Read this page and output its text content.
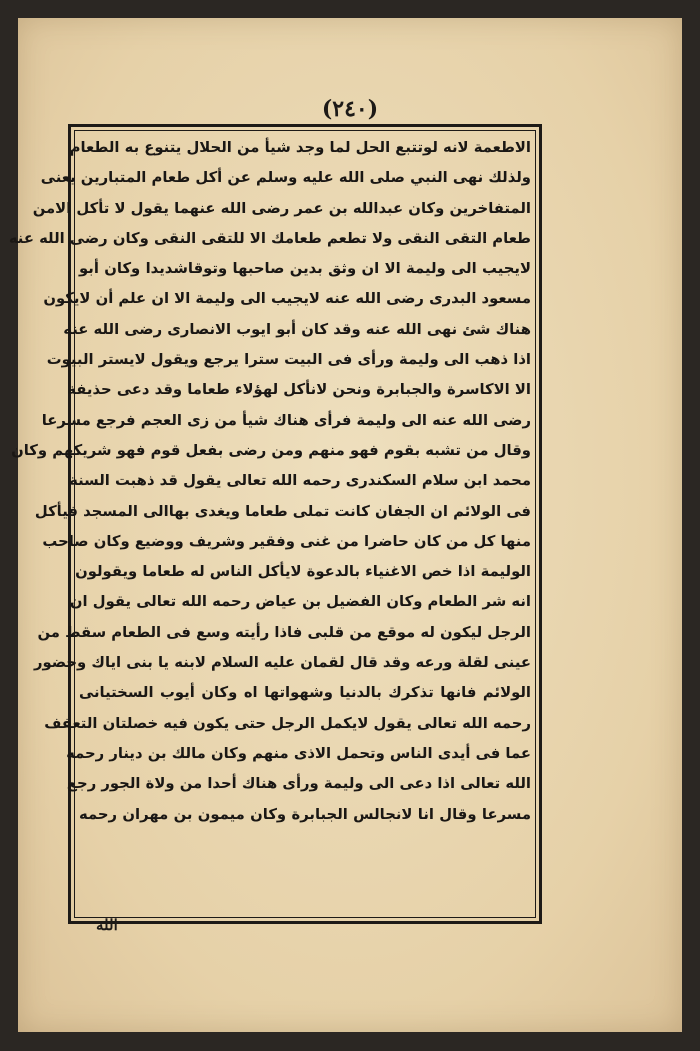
(٢٤٠)
الاطعمة لانه لوتتبع الحل لما وجد شيأ من الحلال يتنوع به الطعام
ولذلك نهى النبي صلى الله عليه وسلم عن أكل طعام المتبارين يعنى
المتفاخرين وكان عبدالله بن عمر رضى الله عنهما يقول لا تأكل الامن
طعام التقى النقى ولا تطعم طعامك الا للتقى النقى وكان رضى الله عنه
لايجيب الى وليمة الا ان وثق بدين صاحبها وتوقاشديدا وكان أبو
مسعود البدرى رضى الله عنه لايجيب الى وليمة الا ان علم أن لايكون
هناك شئ نهى الله عنه وقد كان أبو ايوب الانصارى رضى الله عنه
اذا ذهب الى وليمة ورأى فى البيت سترا يرجع ويقول لايستر البيوت
الا الاكاسرة والجبابرة ونحن لانأكل لهؤلاء طعاما وقد دعى حذيفة
رضى الله عنه الى وليمة فرأى هناك شيأ من زى العجم فرجع مسرعا
وقال من تشبه بقوم فهو منهم ومن رضى بفعل قوم فهو شريكهم وكان
محمد ابن سلام السكندرى رحمه الله تعالى يقول قد ذهبت السنة
فى الولائم ان الجفان كانت تملى طعاما ويغدى بهاالى المسجد فيأكل
منها كل من كان حاضرا من غنى وفقير وشريف ووضيع وكان صاحب
الوليمة اذا خص الاغنياء بالدعوة لايأكل الناس له طعاما ويقولون
انه شر الطعام وكان الفضيل بن عياض رحمه الله تعالى يقول ان
الرجل ليكون له موقع من قلبى فاذا رأيته وسع فى الطعام سقط من
عينى لقلة ورعه وقد قال لقمان عليه السلام لابنه يا بنى اياك وحضور
الولائم فانها تذكرك بالدنيا وشهواتها اه وكان أيوب السختيانى
رحمه الله تعالى يقول لايكمل الرجل حتى يكون فيه خصلتان التعفف
عما فى أيدى الناس وتحمل الاذى منهم وكان مالك بن دينار رحمه
الله تعالى اذا دعى الى وليمة ورأى هناك أحدا من ولاة الجور رجع
مسرعا وقال انا لانجالس الجبابرة وكان ميمون بن مهران رحمه
الله
